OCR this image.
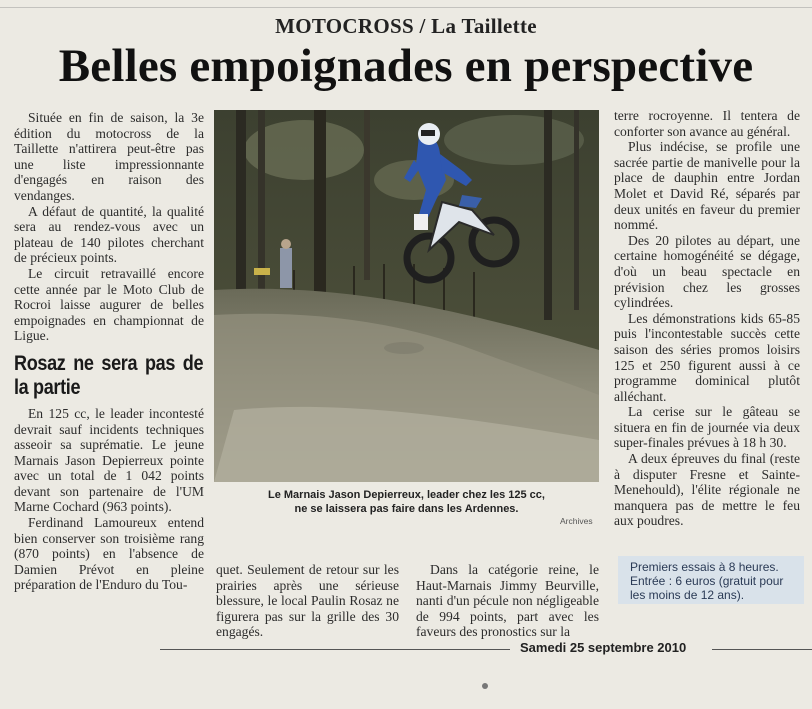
MOTOCROSS / La Taillette
Belles empoignades en perspective

Située en fin de saison, la 3e édition du motocross de la Taillette n'attirera peut-être pas une liste impressionnante d'engagés en raison des vendanges.

A défaut de quantité, la qualité sera au rendez-vous avec un plateau de 140 pilotes cherchant de précieux points.

Le circuit retravaillé encore cette année par le Moto Club de Rocroi laisse augurer de belles empoignades en championnat de Ligue.

Rosaz ne sera pas de la partie

En 125 cc, le leader incontesté devrait sauf incidents techniques asseoir sa suprématie. Le jeune Marnais Jason Depierreux pointe avec un total de 1 042 points devant son partenaire de l'UM Marne Cochard (963 points).

Ferdinand Lamoureux entend bien conserver son troisième rang (870 points) en l'absence de Damien Prévot en pleine préparation de l'Enduro du Tou-

Le Marnais Jason Depierreux, leader chez les 125 cc,
ne se laissera pas faire dans les Ardennes.
Archives

quet. Seulement de retour sur les prairies après une sérieuse blessure, le local Paulin Rosaz ne figurera pas sur la grille des 30 engagés.

Dans la catégorie reine, le Haut-Marnais Jimmy Beurville, nanti d'un pécule non négligeable de 994 points, part avec les faveurs des pronostics sur la

terre rocroyenne. Il tentera de conforter son avance au général.

Plus indécise, se profile une sacrée partie de manivelle pour la place de dauphin entre Jordan Molet et David Ré, séparés par deux unités en faveur du premier nommé.

Des 20 pilotes au départ, une certaine homogénéité se dégage, d'où un beau spectacle en prévision chez les grosses cylindrées.

Les démonstrations kids 65-85 puis l'incontestable succès cette saison des séries promos loisirs 125 et 250 figurent aussi à ce programme dominical plutôt alléchant.

La cerise sur le gâteau se situera en fin de journée via deux super-finales prévues à 18 h 30.

A deux épreuves du final (reste à disputer Fresne et Sainte-Menehould), l'élite régionale ne manquera pas de mettre le feu aux poudres.

Premiers essais à 8 heures.

Entrée : 6 euros (gratuit pour les moins de 12 ans).

Samedi 25 septembre 2010
